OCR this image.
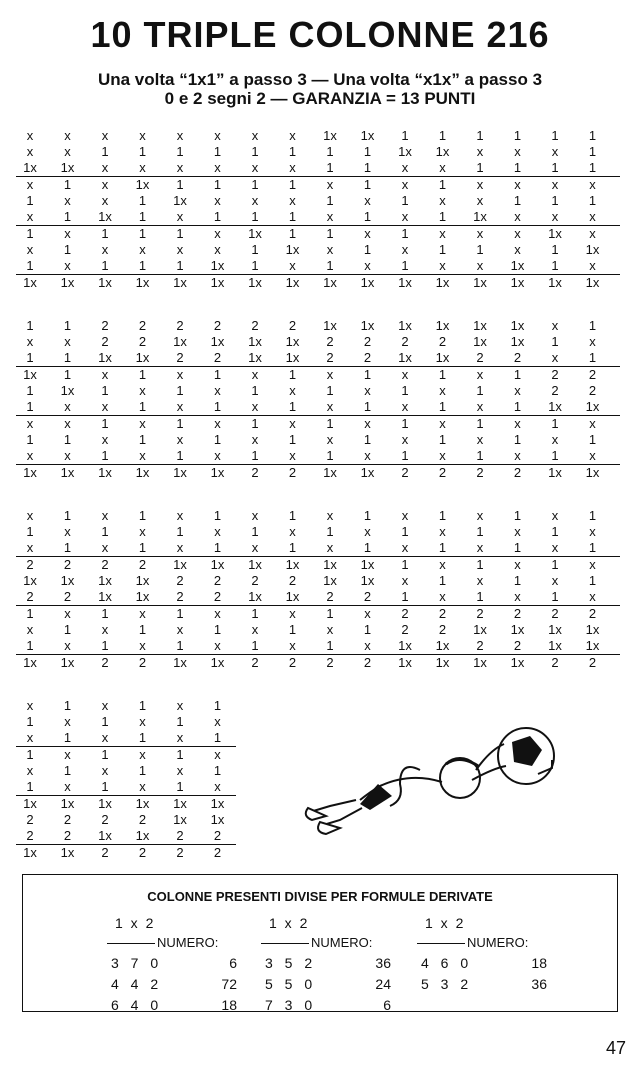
10 TRIPLE COLONNE 216
Una volta “1x1” a passo 3 — Una volta “x1x” a passo 3
0 e 2 segni 2 — GARANZIA = 13 PUNTI
x	x	x	x	x	x	x	x	1x	1x	1	1	1	1	1	1
x	x	1	1	1	1	1	1	1	1	1x	1x	x	x	x	1
1x	1x	x	x	x	x	x	x	1	1	x	x	1	1	1	1
x	1	x	1x	1	1	1	1	x	1	x	1	x	x	x	x
1	x	x	1	1x	x	x	x	1	x	1	x	x	1	1	1
x	1	1x	1	x	1	1	1	x	1	x	1	1x	x	x	x
1	x	1	1	1	x	1x	1	1	x	1	x	x	x	1x	x
x	1	x	x	x	x	1	1x	x	1	x	1	1	x	1	1x
1	x	1	1	1	1x	1	x	1	x	1	x	x	1x	1	x
1x	1x	1x	1x	1x	1x	1x	1x	1x	1x	1x	1x	1x	1x	1x	1x
1	1	2	2	2	2	2	2	1x	1x	1x	1x	1x	1x	x	1
x	x	2	2	1x	1x	1x	1x	2	2	2	2	1x	1x	1	x
1	1	1x	1x	2	2	1x	1x	2	2	1x	1x	2	2	x	1
1x	1	x	1	x	1	x	1	x	1	x	1	x	1	2	2
1	1x	1	x	1	x	1	x	1	x	1	x	1	x	2	2
1	x	x	1	x	1	x	1	x	1	x	1	x	1	1x	1x
x	x	1	x	1	x	1	x	1	x	1	x	1	x	1	x
1	1	x	1	x	1	x	1	x	1	x	1	x	1	x	1
x	x	1	x	1	x	1	x	1	x	1	x	1	x	1	x
1x	1x	1x	1x	1x	1x	2	2	1x	1x	2	2	2	2	1x	1x
x	1	x	1	x	1	x	1	x	1	x	1	x	1	x	1
1	x	1	x	1	x	1	x	1	x	1	x	1	x	1	x
x	1	x	1	x	1	x	1	x	1	x	1	x	1	x	1
2	2	2	2	1x	1x	1x	1x	1x	1x	1	x	1	x	1	x
1x	1x	1x	1x	2	2	2	2	1x	1x	x	1	x	1	x	1
2	2	1x	1x	2	2	1x	1x	2	2	1	x	1	x	1	x
1	x	1	x	1	x	1	x	1	x	2	2	2	2	2	2
x	1	x	1	x	1	x	1	x	1	2	2	1x	1x	1x	1x
1	x	1	x	1	x	1	x	1	x	1x	1x	2	2	1x	1x
1x	1x	2	2	1x	1x	2	2	2	2	1x	1x	1x	1x	2	2
x	1	x	1	x	1
1	x	1	x	1	x
x	1	x	1	x	1
1	x	1	x	1	x
x	1	x	1	x	1
1	x	1	x	1	x
1x	1x	1x	1x	1x	1x
2	2	2	2	1x	1x
2	2	1x	1x	2	2
1x	1x	2	2	2	2
COLONNE PRESENTI DIVISE PER FORMULE DERIVATE
1 x 2
NUMERO:
3 7 0	6
4 4 2	72
6 4 0	18
1 x 2
NUMERO:
3 5 2	36
5 5 0	24
7 3 0	6
1 x 2
NUMERO:
4 6 0	18
5 3 2	36
47
